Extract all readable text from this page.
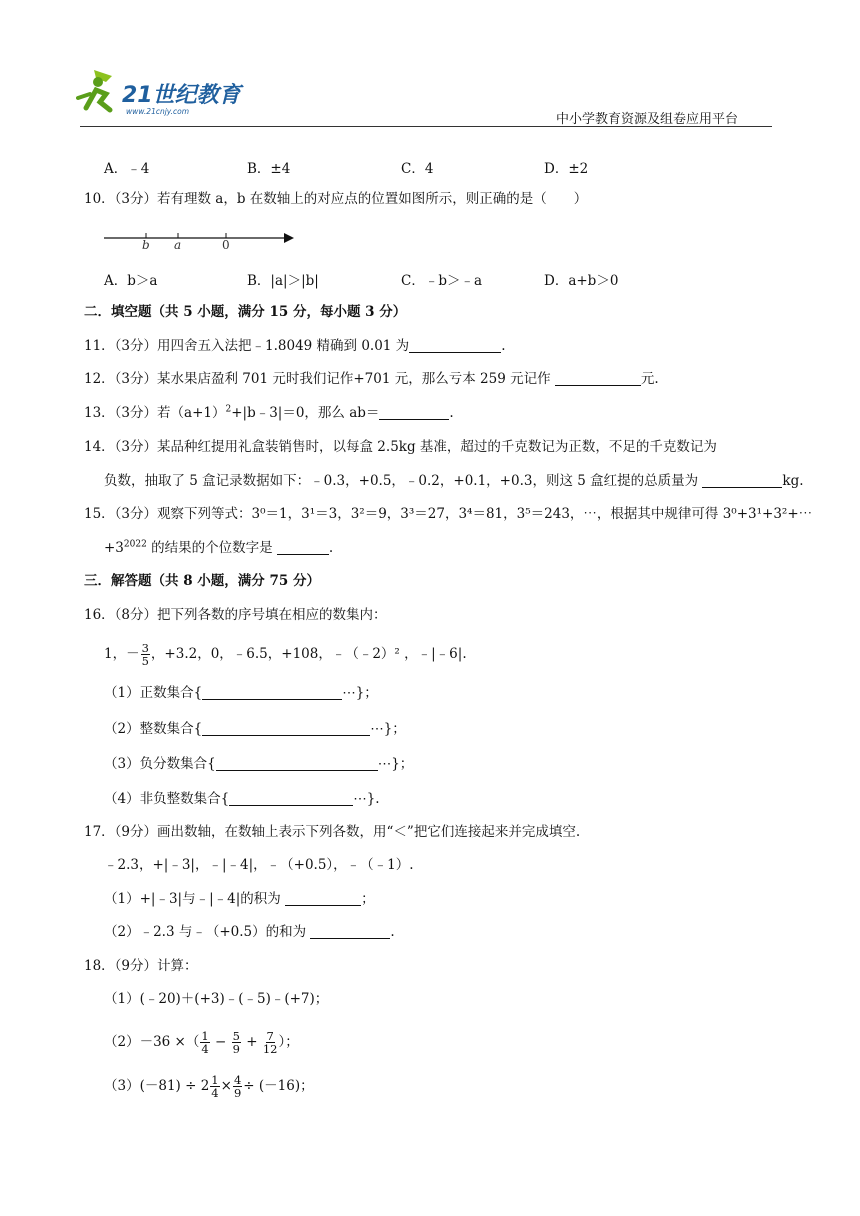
21世纪教育
www.21cnjy.com
中小学教育资源及组卷应用平台
A．﹣4	B．±4	C．4	D．±2
10．（3分）若有理数 a，b 在数轴上的对应点的位置如图所示，则正确的是（　　）
b a	0
A．b＞a	B．|a|＞|b|	C．﹣b＞﹣a	D．a+b＞0
二．填空题（共 5 小题，满分 15 分，每小题 3 分）
11．（3分）用四舍五入法把﹣1.8049 精确到 0.01 为	.
12．（3分）某水果店盈利 701 元时我们记作+701 元，那么亏本 259 元记作	元.
13．（3分）若$(a+1)^2+|b﹣3|=0$，那么 ab＝	.
14．（3分）某品种红提用礼盒装销售时，以每盒 2.5kg 基准，超过的千克数记为正数，不足的千克数记为
负数，抽取了 5 盒记录数据如下：﹣0.3，+0.5，﹣0.2，+0.1，+0.3，则这 5 盒红提的总质量为	kg.
15．（3分）观察下列等式：3⁰＝1，3¹＝3，3²＝9，3³＝27，3⁴＝81，3⁵＝243，⋯，根据其中规律可得 3⁰+3¹+3²+⋯
$+3^{2022}$ 的结果的个位数字是	.
三．解答题（共 8 小题，满分 75 分）
16．（8分）把下列各数的序号填在相应的数集内：
1，－ $\frac{3}{5}$ ，+3.2，0，﹣6.5，+108，﹣（﹣2）² ，﹣|﹣6|.
（1）正数集合{	⋯}；
（2）整数集合{	⋯}；
（3）负分数集合{	⋯}；
（4）非负整数集合{	⋯}.
17．（9分）画出数轴，在数轴上表示下列各数，用“＜”把它们连接起来并完成填空.
﹣2.3，+|﹣3|，﹣|﹣4|，﹣（+0.5），﹣（﹣1）.
（1）+|﹣3|与﹣|﹣4|的积为	；
（2）﹣2.3 与﹣（+0.5）的和为	.
18．（9分）计算：
（1）(﹣20)＋(+3)﹣(﹣5)﹣(+7)；
（2）－36 ×（ $\frac{1}{4} - \frac{5}{9} + \frac{7}{12}$ ）；
$(3)(-81) \div 2 \frac{1}{4} \times \frac{4}{9} \div (-16)$；
